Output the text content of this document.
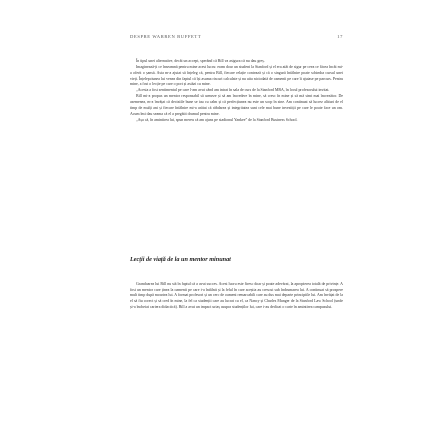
DESPRE WARREN BUFFETT	17

În tipul unei alternative, decât un accept, sperând că Bill va asigura că nu dau greș.

Imaginează-ți ce înseamnă pentru mine acest lucru: eram doar un student la Stanford și el era atât de sigur pe ceea ce făcea încât mi-a oferit o șansă. Asta m-a ajutat să înțeleg că, pentru Bill, fiecare relație contează și că o singură întâlnire poate schimba cursul unei vieți. Înțelepciunea lui venea din faptul că își asuma riscuri calculate și nu uita niciodată de oamenii pe care îi ajutase pe parcurs. Pentru mine, a fost o lecție pe care o port și astăzi cu mine.

„Acesta a fost sentimentul pe care l-am avut când am intrat în sala de curs de la Stanford MBA, în locul profesorului invitat.

Bill mi-a propus un mentor responsabil să urmeze și să am încredere în mine, să cresc în mine și să mă simt mai încrezător. De asemenea, m-a învățat că deciziile bune se iau cu calm și că perfecțiunea nu este un scop în sine. Am continuat să lucrez alături de el timp de mulți ani și fiecare întâlnire mi-a arătat că răbdarea și integritatea sunt cele mai bune investiții pe care le poate face un om. Acum îmi dau seama că el a pregătit drumul pentru mine.

„Așa că, în amintirea lui, spun mereu că am ajuns pe stadionul Yankee” de la Stanford Business School.

Lecții de viață de la un mentor minunat

Grandoarea lui Bill nu stă în faptul că a avut succes. Acest lucru este firesc doar și poate adevărat, la apropierea totală de privințe. A fost un mentor care ținea la oamenii pe care i-a întâlnit și la felul în care aceștia au crescut sub îndrumarea lui. A continuat să prospere mult timp după moartea lui. A format profesori și un cerc de oameni remarcabili care au dus mai departe principiile lui. Am învățat de la el să fiu corect și să cred în mine, la fel ca studenții care au lucrat cu el, ca Nancy și Charles Munger de la Stanford Law School (unde și-a încheiat cariera didactică). Bill a avut un impact uriaș asupra studenților lui, care i-au dedicat o carte în amintirea campusului.
